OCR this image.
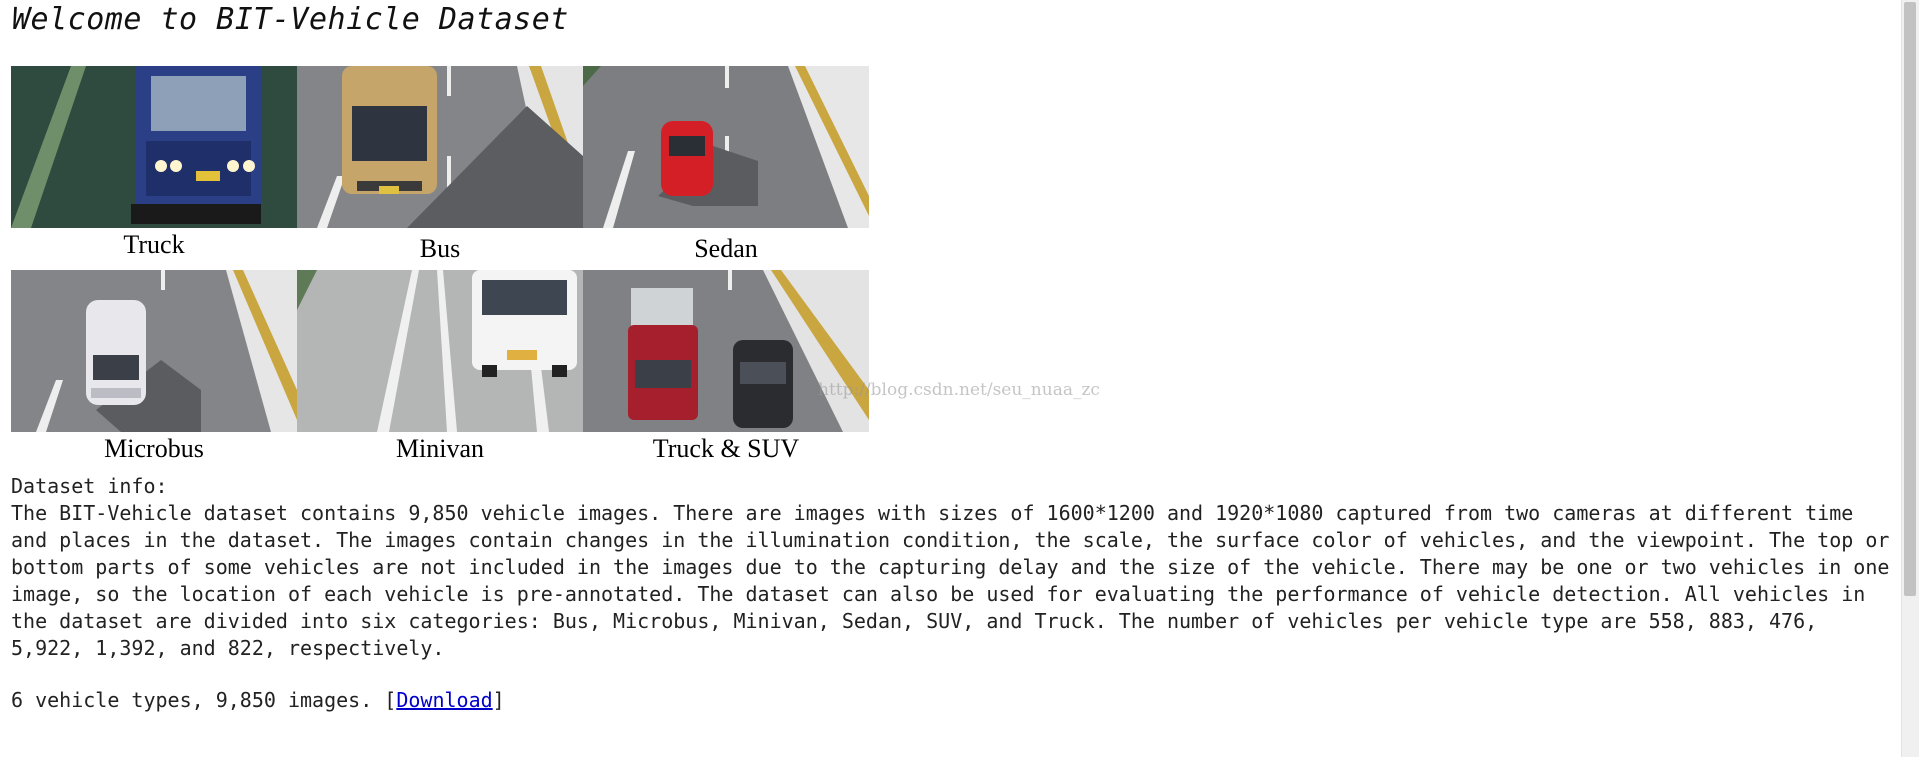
Welcome to BIT-Vehicle Dataset
Truck	Bus	Sedan
Microbus	Minivan	Truck & SUV
http://blog.csdn.net/seu_nuaa_zc
Dataset info:

The BIT-Vehicle dataset contains 9,850 vehicle images. There are images with sizes of 1600*1200 and 1920*1080 captured from two cameras at different time and places in the dataset. The images contain changes in the illumination condition, the scale, the surface color of vehicles, and the viewpoint. The top or bottom parts of some vehicles are not included in the images due to the capturing delay and the size of the vehicle. There may be one or two vehicles in one image, so the location of each vehicle is pre-annotated. The dataset can also be used for evaluating the performance of vehicle detection. All vehicles in the dataset are divided into six categories: Bus, Microbus, Minivan, Sedan, SUV, and Truck. The number of vehicles per vehicle type are 558, 883, 476, 5,922, 1,392, and 822, respectively.

6 vehicle types, 9,850 images. [Download]
